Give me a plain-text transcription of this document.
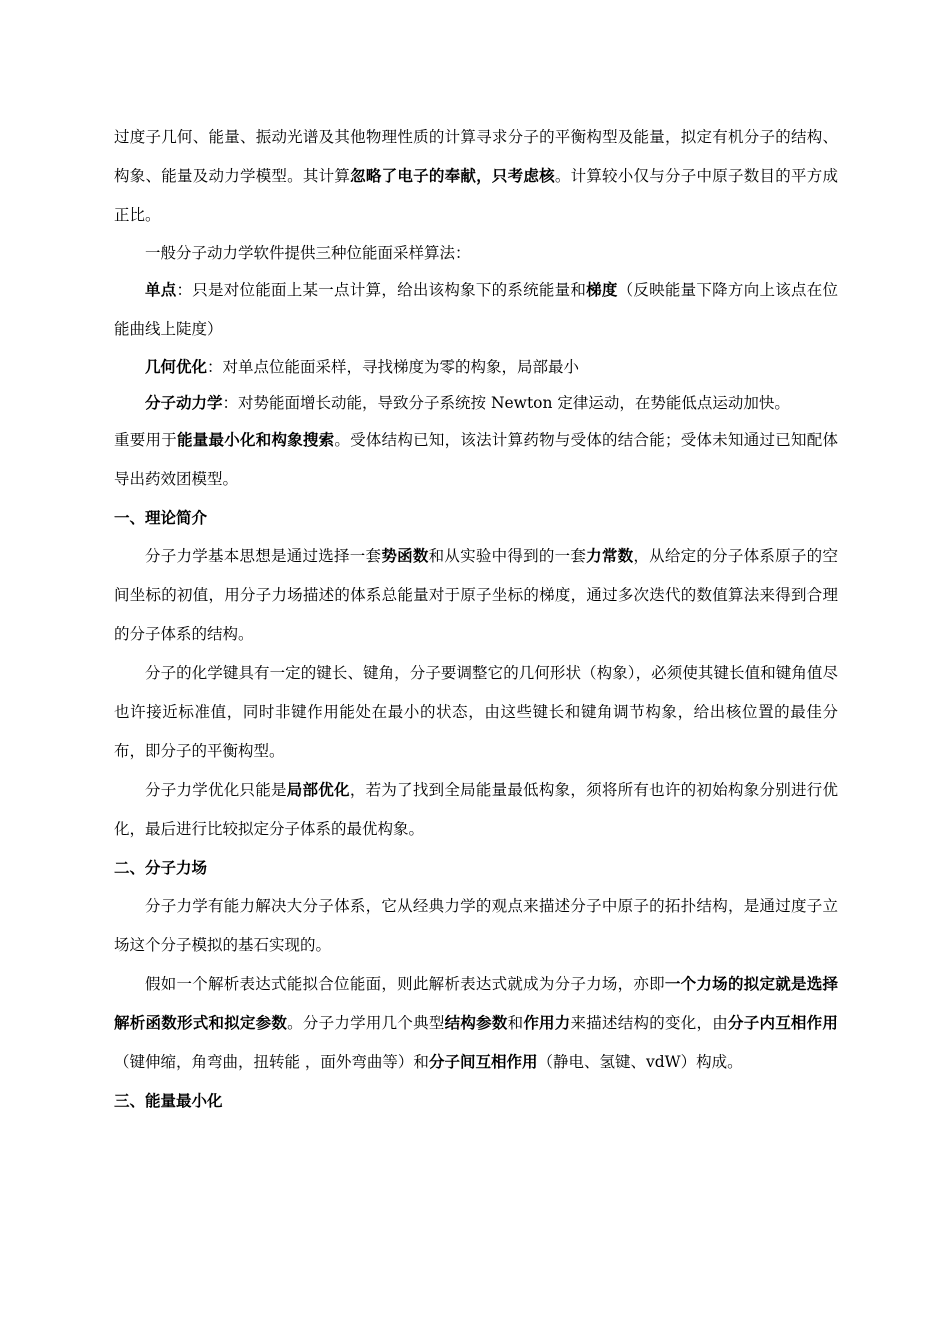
过度子几何、能量、振动光谱及其他物理性质的计算寻求分子的平衡构型及能量，拟定有机分子的结构、构象、能量及动力学模型。其计算忽略了电子的奉献，只考虑核。计算较小仅与分子中原子数目的平方成正比。

一般分子动力学软件提供三种位能面采样算法：

单点：只是对位能面上某一点计算，给出该构象下的系统能量和梯度（反映能量下降方向上该点在位能曲线上陡度）

几何优化：对单点位能面采样，寻找梯度为零的构象，局部最小

分子动力学：对势能面增长动能，导致分子系统按 Newton 定律运动，在势能低点运动加快。

重要用于能量最小化和构象搜索。受体结构已知，该法计算药物与受体的结合能；受体未知通过已知配体导出药效团模型。

一、理论简介

分子力学基本思想是通过选择一套势函数和从实验中得到的一套力常数，从给定的分子体系原子的空间坐标的初值，用分子力场描述的体系总能量对于原子坐标的梯度，通过多次迭代的数值算法来得到合理的分子体系的结构。

分子的化学键具有一定的键长、键角，分子要调整它的几何形状（构象），必须使其键长值和键角值尽也许接近标准值，同时非键作用能处在最小的状态，由这些键长和键角调节构象，给出核位置的最佳分布，即分子的平衡构型。

分子力学优化只能是局部优化，若为了找到全局能量最低构象，须将所有也许的初始构象分别进行优化，最后进行比较拟定分子体系的最优构象。

二、分子力场

分子力学有能力解决大分子体系，它从经典力学的观点来描述分子中原子的拓扑结构，是通过度子立场这个分子模拟的基石实现的。

假如一个解析表达式能拟合位能面，则此解析表达式就成为分子力场，亦即一个力场的拟定就是选择解析函数形式和拟定参数。分子力学用几个典型结构参数和作用力来描述结构的变化，由分子内互相作用（键伸缩，角弯曲，扭转能 ，面外弯曲等）和分子间互相作用（静电、氢键、vdW）构成。

三、能量最小化
